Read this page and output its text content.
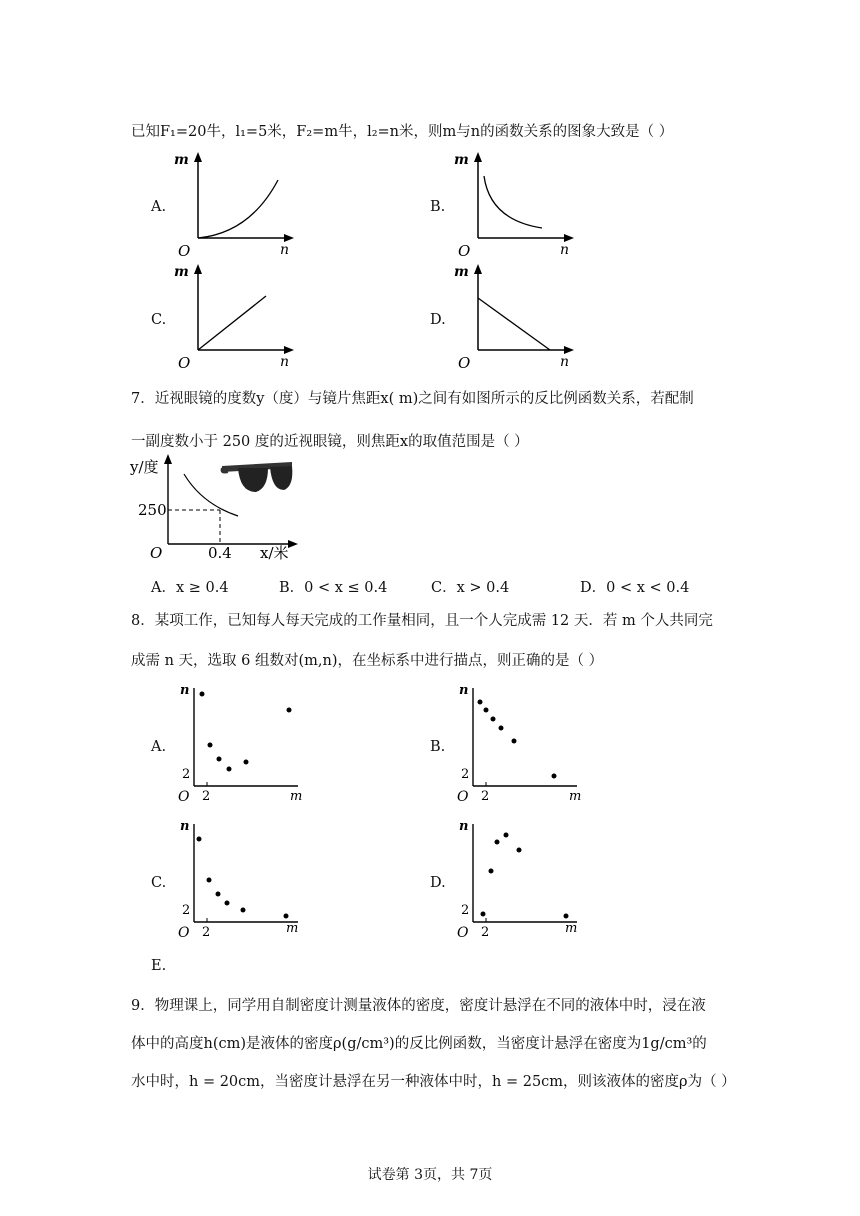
已知F₁=20牛，l₁=5米，F₂=m牛，l₂=n米，则m与n的函数关系的图象大致是（ ）
A.	B.
C.	D.
m
n
O
m
n
O
m
n
O
m
n
O
7．近视眼镜的度数y（度）与镜片焦距x( m)之间有如图所示的反比例函数关系，若配制
一副度数小于 250 度的近视眼镜，则焦距x的取值范围是（ ）
y/度
x/米
O
250
0.4
A．x ≥ 0.4	B．0 < x ≤ 0.4	C．x > 0.4	D．0 < x < 0.4
8．某项工作，已知每人每天完成的工作量相同，且一个人完成需 12 天．若 m 个人共同完
成需 n 天，选取 6 组数对(m,n)，在坐标系中进行描点，则正确的是（ ）
A.	B.
C.	D.
E.
n
m
O
2
2
n
m
O
2
2
n
m
O
2
2
n
m
O
2
2
9．物理课上，同学用自制密度计测量液体的密度，密度计悬浮在不同的液体中时，浸在液
体中的高度h(cm)是液体的密度ρ(g/cm³)的反比例函数，当密度计悬浮在密度为1g/cm³的
水中时，h = 20cm，当密度计悬浮在另一种液体中时，h = 25cm，则该液体的密度ρ为（ ）
试卷第 3页，共 7页
